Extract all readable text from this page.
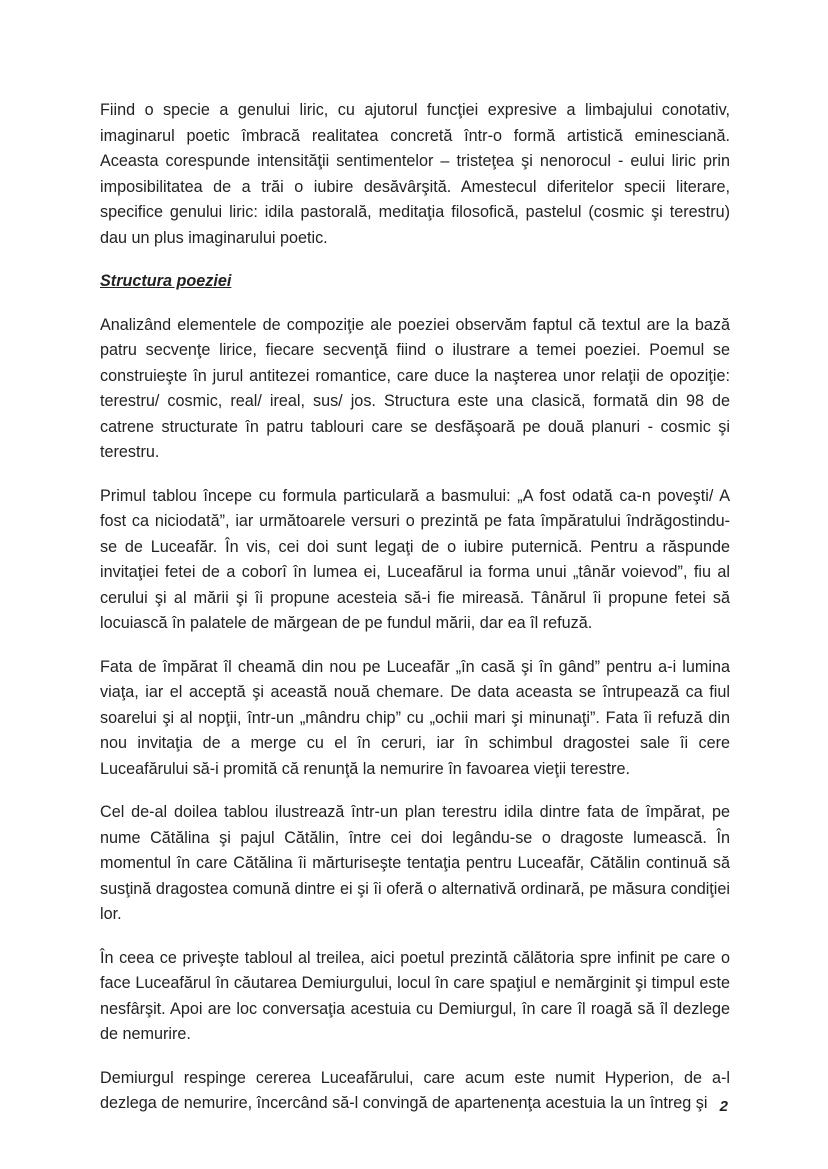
Fiind o specie a genului liric, cu ajutorul funcţiei expresive a limbajului conotativ, imaginarul poetic îmbracă realitatea concretă într-o formă artistică eminesciană. Aceasta corespunde intensităţii sentimentelor – tristeţea şi nenorocul - eului liric prin imposibilitatea de a trăi o iubire desăvârşită. Amestecul diferitelor specii literare, specifice genului liric: idila pastorală, meditaţia filosofică, pastelul (cosmic şi terestru) dau un plus imaginarului poetic.

Structura poeziei

Analizând elementele de compoziţie ale poeziei observăm faptul că textul are la bază patru secvenţe lirice, fiecare secvenţă fiind o ilustrare a temei poeziei. Poemul se construieşte în jurul antitezei romantice, care duce la naşterea unor relaţii de opoziţie: terestru/ cosmic, real/ ireal, sus/ jos. Structura este una clasică, formată din 98 de catrene structurate în patru tablouri care se desfăşoară pe două planuri - cosmic şi terestru.

Primul tablou începe cu formula particulară a basmului: „A fost odată ca-n poveşti/ A fost ca niciodată”, iar următoarele versuri o prezintă pe fata împăratului îndrăgostindu-se de Luceafăr. În vis, cei doi sunt legaţi de o iubire puternică. Pentru a răspunde invitaţiei fetei de a coborî în lumea ei, Luceafărul ia forma unui „tânăr voievod”, fiu al cerului şi al mării şi îi propune acesteia să-i fie mireasă. Tânărul îi propune fetei să locuiască în palatele de mărgean de pe fundul mării, dar ea îl refuză.

Fata de împărat îl cheamă din nou pe Luceafăr „în casă şi în gând” pentru a-i lumina viaţa, iar el acceptă şi această nouă chemare. De data aceasta se întrupează ca fiul soarelui şi al nopţii, într-un „mândru chip” cu „ochii mari şi minunaţi”. Fata îi refuză din nou invitaţia de a merge cu el în ceruri, iar în schimbul dragostei sale îi cere Luceafărului să-i promită că renunţă la nemurire în favoarea vieţii terestre.

Cel de-al doilea tablou ilustrează într-un plan terestru idila dintre fata de împărat, pe nume Cătălina şi pajul Cătălin, între cei doi legându-se o dragoste lumească. În momentul în care Cătălina îi mărturiseşte tentaţia pentru Luceafăr, Cătălin continuă să susţină dragostea comună dintre ei şi îi oferă o alternativă ordinară, pe măsura condiţiei lor.

În ceea ce priveşte tabloul al treilea, aici poetul prezintă călătoria spre infinit pe care o face Luceafărul în căutarea Demiurgului, locul în care spaţiul e nemărginit şi timpul este nesfârşit. Apoi are loc conversaţia acestuia cu Demiurgul, în care îl roagă să îl dezlege de nemurire.

Demiurgul respinge cererea Luceafărului, care acum este numit Hyperion, de a-l dezlega de nemurire, încercând să-l convingă de apartenenţa acestuia la un întreg şi 2
